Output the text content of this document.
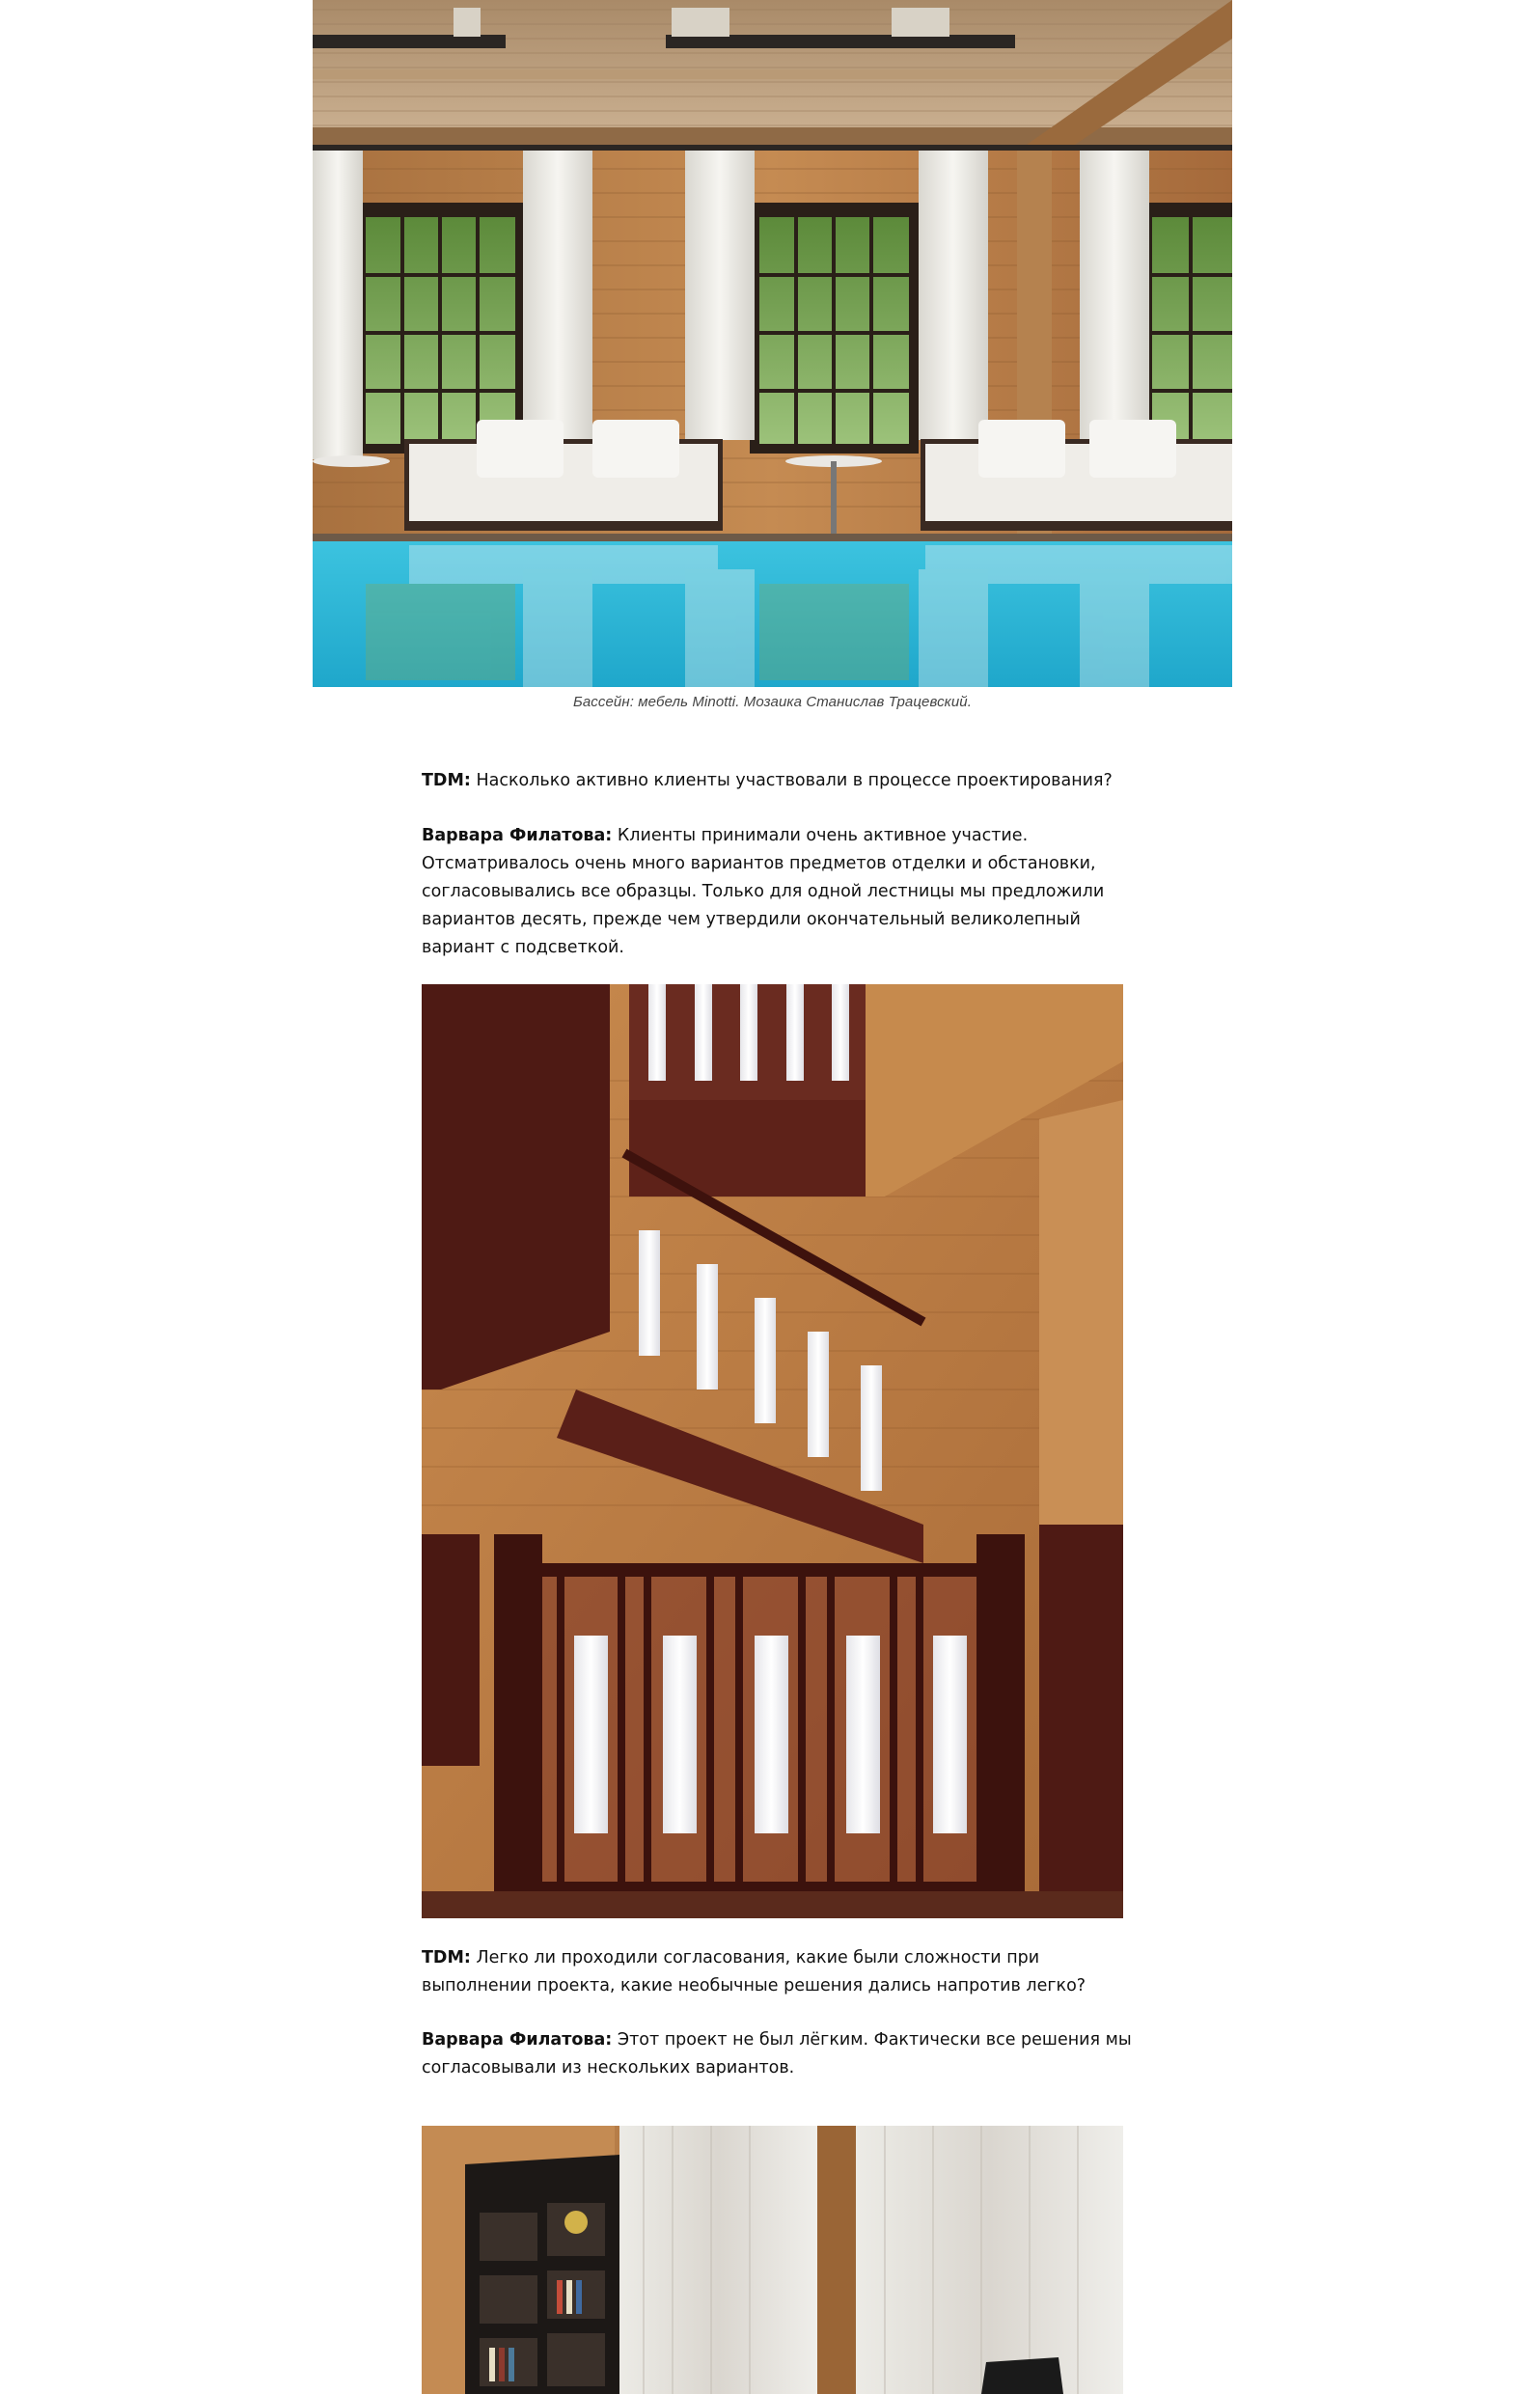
Бассейн: мебель Minotti. Мозаика Станислав Трацевский.

TDM: Насколько активно клиенты участвовали в процессе проектирования?

Варвара Филатова: Клиенты принимали очень активное участие. Отсматривалось очень много вариантов предметов отделки и обстановки, согласовывались все образцы. Только для одной лестницы мы предложили вариантов десять, прежде чем утвердили окончательный великолепный вариант с подсветкой.

TDM: Легко ли проходили согласования, какие были сложности при выполнении проекта, какие необычные решения дались напротив легко?

Варвара Филатова: Этот проект не был лёгким. Фактически все решения мы согласовывали из нескольких вариантов.
